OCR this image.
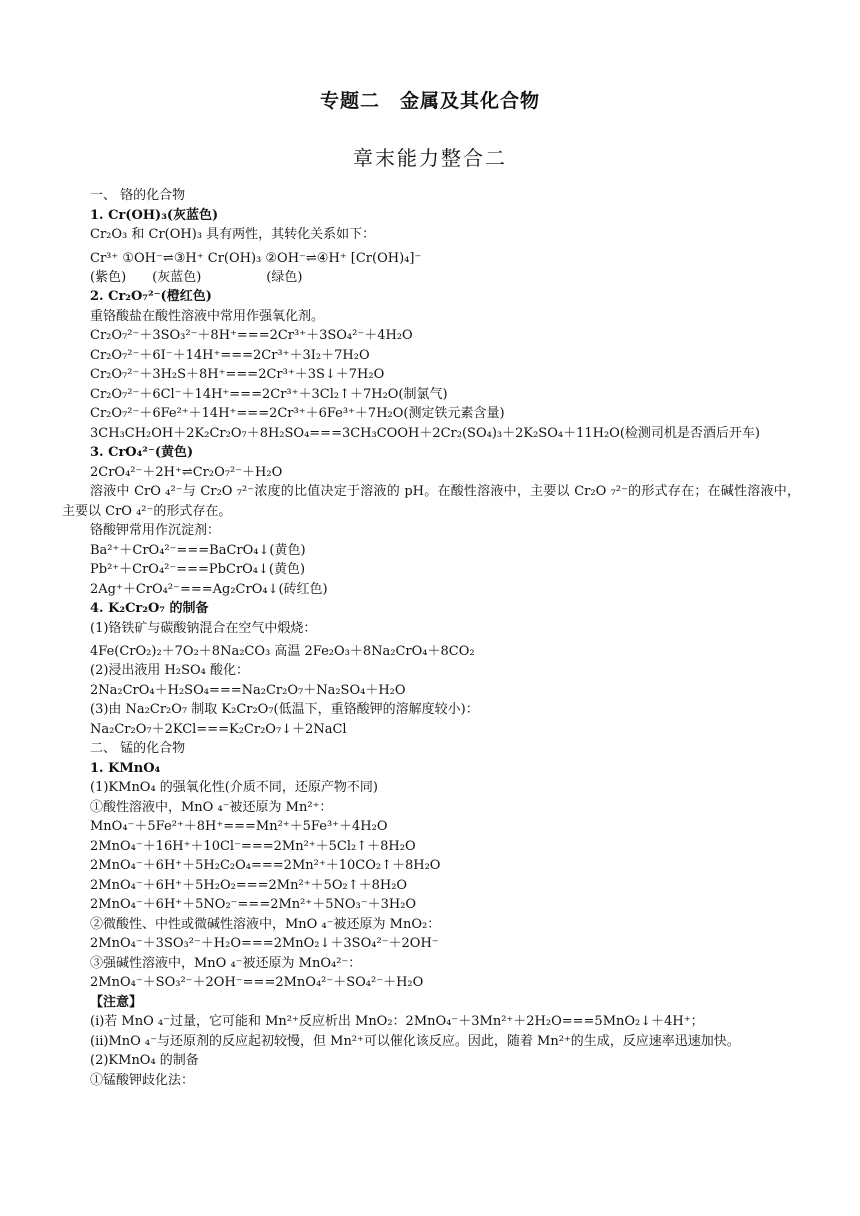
专题二　金属及其化合物
章末能力整合二
一、 铬的化合物
1. Cr(OH)₃(灰蓝色)
Cr₂O₃ 和 Cr(OH)₃ 具有两性，其转化关系如下：
Cr³⁺ ①OH⁻⇌③H⁺ Cr(OH)₃ ②OH⁻⇌④H⁺ [Cr(OH)₄]⁻
(紫色)　　(灰蓝色)　　　　　(绿色)
2. Cr₂O₇²⁻(橙红色)
重铬酸盐在酸性溶液中常用作强氧化剂。
Cr₂O₇²⁻＋3SO₃²⁻＋8H⁺===2Cr³⁺＋3SO₄²⁻＋4H₂O
Cr₂O₇²⁻＋6I⁻＋14H⁺===2Cr³⁺＋3I₂＋7H₂O
Cr₂O₇²⁻＋3H₂S＋8H⁺===2Cr³⁺＋3S↓＋7H₂O
Cr₂O₇²⁻＋6Cl⁻＋14H⁺===2Cr³⁺＋3Cl₂↑＋7H₂O(制氯气)
Cr₂O₇²⁻＋6Fe²⁺＋14H⁺===2Cr³⁺＋6Fe³⁺＋7H₂O(测定铁元素含量)
3CH₃CH₂OH＋2K₂Cr₂O₇＋8H₂SO₄===3CH₃COOH＋2Cr₂(SO₄)₃＋2K₂SO₄＋11H₂O(检测司机是否酒后开车)
3. CrO₄²⁻(黄色)
2CrO₄²⁻＋2H⁺⇌Cr₂O₇²⁻＋H₂O
溶液中 CrO ₄²⁻与 Cr₂O ₇²⁻浓度的比值决定于溶液的 pH。在酸性溶液中，主要以 Cr₂O ₇²⁻的形式存在；在碱性溶液中，主要以 CrO ₄²⁻的形式存在。
铬酸钾常用作沉淀剂：
Ba²⁺＋CrO₄²⁻===BaCrO₄↓(黄色)
Pb²⁺＋CrO₄²⁻===PbCrO₄↓(黄色)
2Ag⁺＋CrO₄²⁻===Ag₂CrO₄↓(砖红色)
4. K₂Cr₂O₇ 的制备
(1)铬铁矿与碳酸钠混合在空气中煅烧：
4Fe(CrO₂)₂＋7O₂＋8Na₂CO₃ 高温 2Fe₂O₃＋8Na₂CrO₄＋8CO₂
(2)浸出液用 H₂SO₄ 酸化：
2Na₂CrO₄＋H₂SO₄===Na₂Cr₂O₇＋Na₂SO₄＋H₂O
(3)由 Na₂Cr₂O₇ 制取 K₂Cr₂O₇(低温下，重铬酸钾的溶解度较小)：
Na₂Cr₂O₇＋2KCl===K₂Cr₂O₇↓＋2NaCl
二、 锰的化合物
1. KMnO₄
(1)KMnO₄ 的强氧化性(介质不同，还原产物不同)
①酸性溶液中，MnO ₄⁻被还原为 Mn²⁺：
MnO₄⁻＋5Fe²⁺＋8H⁺===Mn²⁺＋5Fe³⁺＋4H₂O
2MnO₄⁻＋16H⁺＋10Cl⁻===2Mn²⁺＋5Cl₂↑＋8H₂O
2MnO₄⁻＋6H⁺＋5H₂C₂O₄===2Mn²⁺＋10CO₂↑＋8H₂O
2MnO₄⁻＋6H⁺＋5H₂O₂===2Mn²⁺＋5O₂↑＋8H₂O
2MnO₄⁻＋6H⁺＋5NO₂⁻===2Mn²⁺＋5NO₃⁻＋3H₂O
②微酸性、中性或微碱性溶液中，MnO ₄⁻被还原为 MnO₂：
2MnO₄⁻＋3SO₃²⁻＋H₂O===2MnO₂↓＋3SO₄²⁻＋2OH⁻
③强碱性溶液中，MnO ₄⁻被还原为 MnO₄²⁻：
2MnO₄⁻＋SO₃²⁻＋2OH⁻===2MnO₄²⁻＋SO₄²⁻＋H₂O
【注意】
(ⅰ)若 MnO ₄⁻过量，它可能和 Mn²⁺反应析出 MnO₂：2MnO₄⁻＋3Mn²⁺＋2H₂O===5MnO₂↓＋4H⁺；
(ⅱ)MnO ₄⁻与还原剂的反应起初较慢，但 Mn²⁺可以催化该反应。因此，随着 Mn²⁺的生成，反应速率迅速加快。
(2)KMnO₄ 的制备
①锰酸钾歧化法：
